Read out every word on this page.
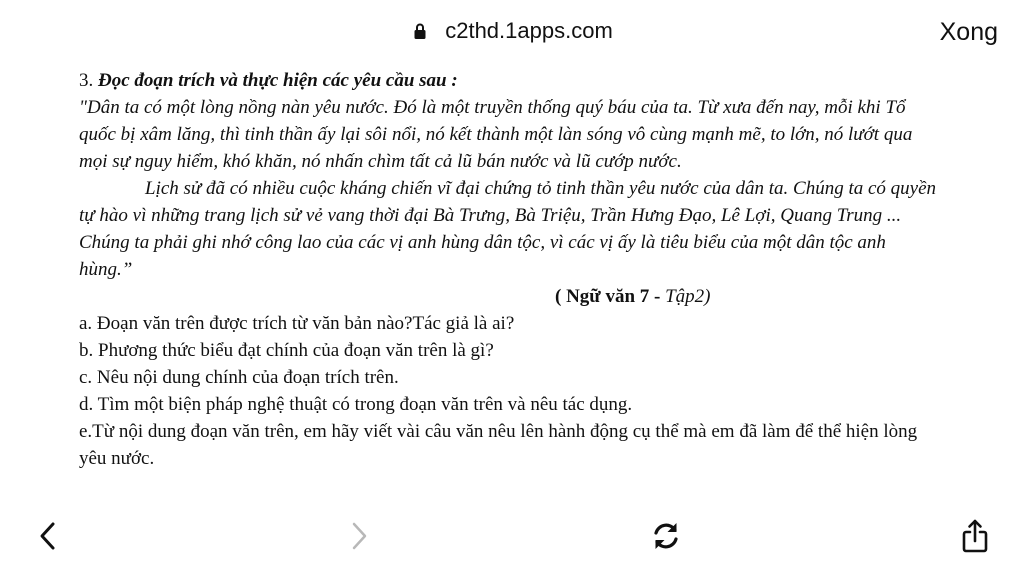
c2thd.1apps.com	Xong

3. Đọc đoạn trích và thực hiện các yêu cầu sau :

"Dân ta có một lòng nồng nàn yêu nước. Đó là một truyền thống quý báu của ta. Từ xưa đến nay, mỗi khi Tổ quốc bị xâm lăng, thì tinh thần ấy lại sôi nổi, nó kết thành một làn sóng vô cùng mạnh mẽ, to lớn, nó lướt qua mọi sự nguy hiểm, khó khăn, nó nhấn chìm tất cả lũ bán nước và lũ cướp nước.

Lịch sử đã có nhiều cuộc kháng chiến vĩ đại chứng tỏ tinh thần yêu nước của dân ta. Chúng ta có quyền tự hào vì những trang lịch sử vẻ vang thời đại Bà Trưng, Bà Triệu, Trần Hưng Đạo, Lê Lợi, Quang Trung ... Chúng ta phải ghi nhớ công lao của các vị anh hùng dân tộc, vì các vị ấy là tiêu biểu của một dân tộc anh hùng.”

( Ngữ văn 7 - Tập2)

a. Đoạn văn trên được trích từ văn bản nào?Tác giả là ai?

b. Phương thức biểu đạt chính của đoạn văn trên là gì?

c. Nêu nội dung chính của đoạn trích trên.

d. Tìm một biện pháp nghệ thuật có trong đoạn văn trên và nêu tác dụng.

e.Từ nội dung đoạn văn trên, em hãy viết vài câu văn nêu lên hành động cụ thể mà em đã làm để thể hiện lòng yêu nước.
